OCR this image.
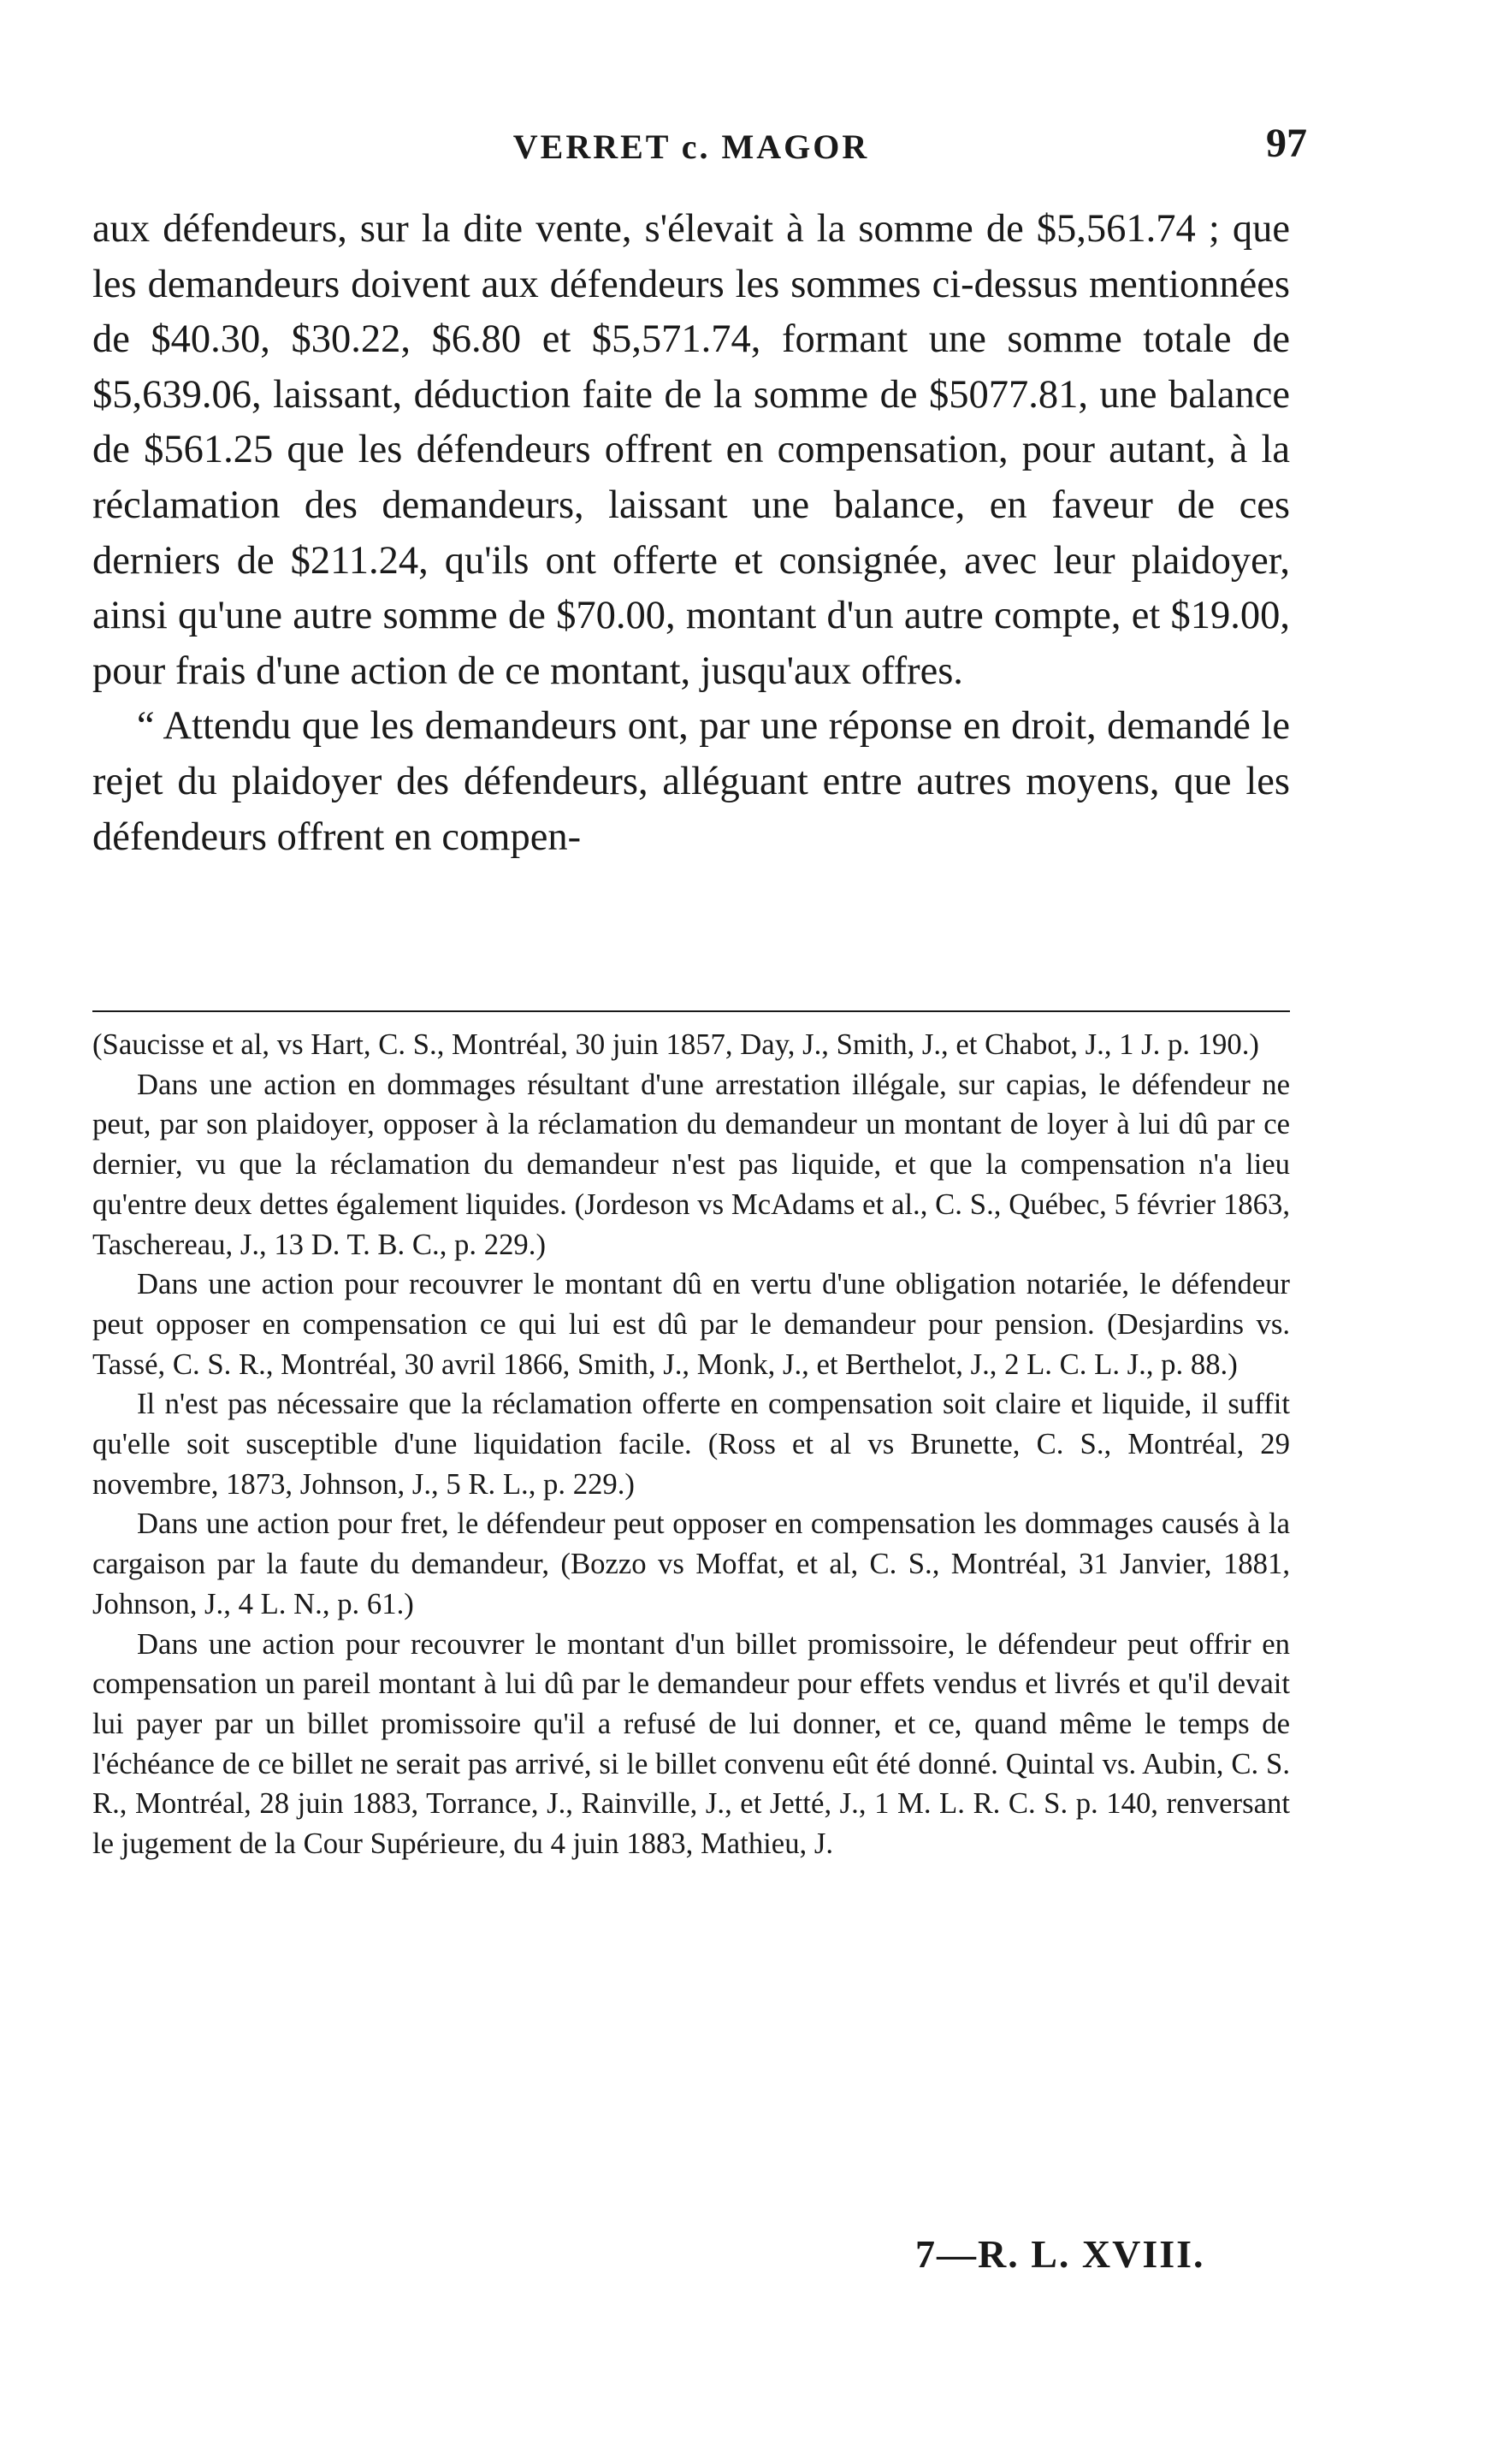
VERRET c. MAGOR	97

aux défendeurs, sur la dite vente, s'élevait à la somme de $5,561.74 ; que les demandeurs doivent aux défendeurs les sommes ci-dessus mentionnées de $40.30, $30.22, $6.80 et $5,571.74, formant une somme totale de $5,639.06, laissant, déduction faite de la somme de $5077.81, une balance de $561.25 que les défendeurs offrent en compensation, pour autant, à la réclamation des demandeurs, laissant une balance, en faveur de ces derniers de $211.24, qu'ils ont offerte et consignée, avec leur plaidoyer, ainsi qu'une autre somme de $70.00, montant d'un autre compte, et $19.00, pour frais d'une action de ce montant, jusqu'aux offres.

“ Attendu que les demandeurs ont, par une réponse en droit, demandé le rejet du plaidoyer des défendeurs, alléguant entre autres moyens, que les défendeurs offrent en compen-

(Saucisse et al, vs Hart, C. S., Montréal, 30 juin 1857, Day, J., Smith, J., et Chabot, J., 1 J. p. 190.)

Dans une action en dommages résultant d'une arrestation illégale, sur capias, le défendeur ne peut, par son plaidoyer, opposer à la réclamation du demandeur un montant de loyer à lui dû par ce dernier, vu que la réclamation du demandeur n'est pas liquide, et que la compensation n'a lieu qu'entre deux dettes également liquides. (Jordeson vs McAdams et al., C. S., Québec, 5 février 1863, Taschereau, J., 13 D. T. B. C., p. 229.)

Dans une action pour recouvrer le montant dû en vertu d'une obligation notariée, le défendeur peut opposer en compensation ce qui lui est dû par le demandeur pour pension. (Desjardins vs. Tassé, C. S. R., Montréal, 30 avril 1866, Smith, J., Monk, J., et Berthelot, J., 2 L. C. L. J., p. 88.)

Il n'est pas nécessaire que la réclamation offerte en compensation soit claire et liquide, il suffit qu'elle soit susceptible d'une liquidation facile. (Ross et al vs Brunette, C. S., Montréal, 29 novembre, 1873, Johnson, J., 5 R. L., p. 229.)

Dans une action pour fret, le défendeur peut opposer en compensation les dommages causés à la cargaison par la faute du demandeur, (Bozzo vs Moffat, et al, C. S., Montréal, 31 Janvier, 1881, Johnson, J., 4 L. N., p. 61.)

Dans une action pour recouvrer le montant d'un billet promissoire, le défendeur peut offrir en compensation un pareil montant à lui dû par le demandeur pour effets vendus et livrés et qu'il devait lui payer par un billet promissoire qu'il a refusé de lui donner, et ce, quand même le temps de l'échéance de ce billet ne serait pas arrivé, si le billet convenu eût été donné. Quintal vs. Aubin, C. S. R., Montréal, 28 juin 1883, Torrance, J., Rainville, J., et Jetté, J., 1 M. L. R. C. S. p. 140, renversant le jugement de la Cour Supérieure, du 4 juin 1883, Mathieu, J.

7—R. L. XVIII.
